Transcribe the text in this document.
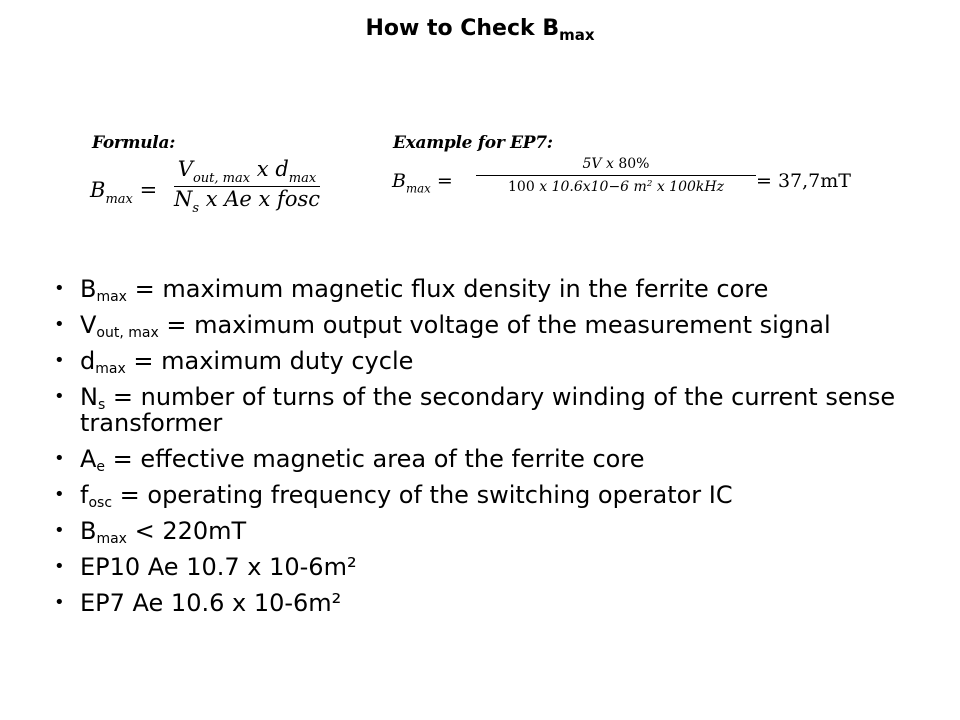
How to Check $B_{max}$
Formula:
$B_{max}$ =
$V_{out, max}$ x $d_{max}$
$N_s$ x Ae x fosc
Example for EP7:
$B_{max}$ =
5V x 80%
100 x 10.6x10−6 $m^2$ x 100kHz	= 37,7mT
• $B_{max}$ = maximum magnetic flux density in the ferrite core
• $V_{out, max}$ = maximum output voltage of the measurement signal
• $d_{max}$ = maximum duty cycle
• $N_s$ = number of turns of the secondary winding of the current sense transformer
• $A_e$ = effective magnetic area of the ferrite core
• $f_{osc}$ = operating frequency of the switching operator IC
• $B_{max} < 220mT$
• EP10 Ae 10.7 x 10-6m²
• EP7 Ae 10.6 x 10-6m²
